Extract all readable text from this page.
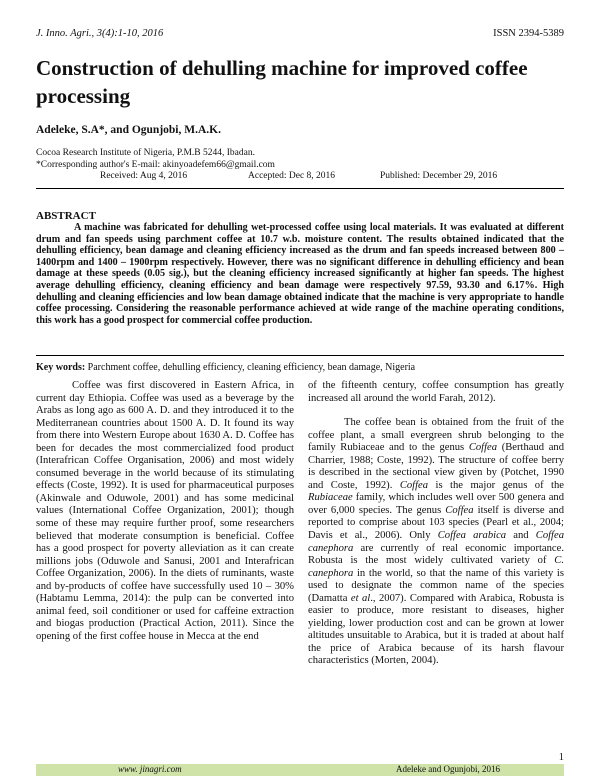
J. Inno. Agri., 3(4):1-10, 2016	ISSN 2394-5389
Construction of dehulling machine for improved coffee processing
Adeleke, S.A*, and Ogunjobi, M.A.K.
Cocoa Research Institute of Nigeria, P.M.B 5244, Ibadan.
*Corresponding author's E-mail: akinyoadefem66@gmail.com
Received: Aug 4, 2016	Accepted: Dec 8, 2016	Published: December 29, 2016
ABSTRACT
A machine was fabricated for dehulling wet-processed coffee using local materials. It was evaluated at different drum and fan speeds using parchment coffee at 10.7 w.b. moisture content. The results obtained indicated that the dehulling efficiency, bean damage and cleaning efficiency increased as the drum and fan speeds increased between 800 – 1400rpm and 1400 – 1900rpm respectively. However, there was no significant difference in dehulling efficiency and bean damage at these speeds (0.05 sig.), but the cleaning efficiency increased significantly at higher fan speeds. The highest average dehulling efficiency, cleaning efficiency and bean damage were respectively 97.59, 93.30 and 6.17%. High dehulling and cleaning efficiencies and low bean damage obtained indicate that the machine is very appropriate to handle coffee processing. Considering the reasonable performance achieved at wide range of the machine operating conditions, this work has a good prospect for commercial coffee production.
Key words: Parchment coffee, dehulling efficiency, cleaning efficiency, bean damage, Nigeria

Coffee was first discovered in Eastern Africa, in current day Ethiopia. Coffee was used as a beverage by the Arabs as long ago as 600 A. D. and they introduced it to the Mediterranean countries about 1500 A. D. It found its way from there into Western Europe about 1630 A. D. Coffee has been for decades the most commercialized food product (Interafrican Coffee Organisation, 2006) and most widely consumed beverage in the world because of its stimulating effects (Coste, 1992). It is used for pharmaceutical purposes (Akinwale and Oduwole, 2001) and has some medicinal values (International Coffee Organization, 2001); though some of these may require further proof, some researchers believed that moderate consumption is beneficial. Coffee has a good prospect for poverty alleviation as it can create millions jobs (Oduwole and Sanusi, 2001 and Interafrican Coffee Organization, 2006). In the diets of ruminants, waste and by-products of coffee have successfully used 10 – 30% (Habtamu Lemma, 2014): the pulp can be converted into animal feed, soil conditioner or used for caffeine extraction and biogas production (Practical Action, 2011). Since the opening of the first coffee house in Mecca at the end

of the fifteenth century, coffee consumption has greatly increased all around the world Farah, 2012).

The coffee bean is obtained from the fruit of the coffee plant, a small evergreen shrub belonging to the family Rubiaceae and to the genus Coffea (Berthaud and Charrier, 1988; Coste, 1992). The structure of coffee berry is described in the sectional view given by (Potchet, 1990 and Coste, 1992). Coffea is the major genus of the Rubiaceae family, which includes well over 500 genera and over 6,000 species. The genus Coffea itself is diverse and reported to comprise about 103 species (Pearl et al., 2004; Davis et al., 2006). Only Coffea arabica and Coffea canephora are currently of real economic importance. Robusta is the most widely cultivated variety of C. canephora in the world, so that the name of this variety is used to designate the common name of the species (Damatta et al., 2007). Compared with Arabica, Robusta is easier to produce, more resistant to diseases, higher yielding, lower production cost and can be grown at lower altitudes unsuitable to Arabica, but it is traded at about half the price of Arabica because of its harsh flavour characteristics (Morten, 2004).

1
www. jinagri.com	Adeleke and Ogunjobi, 2016
